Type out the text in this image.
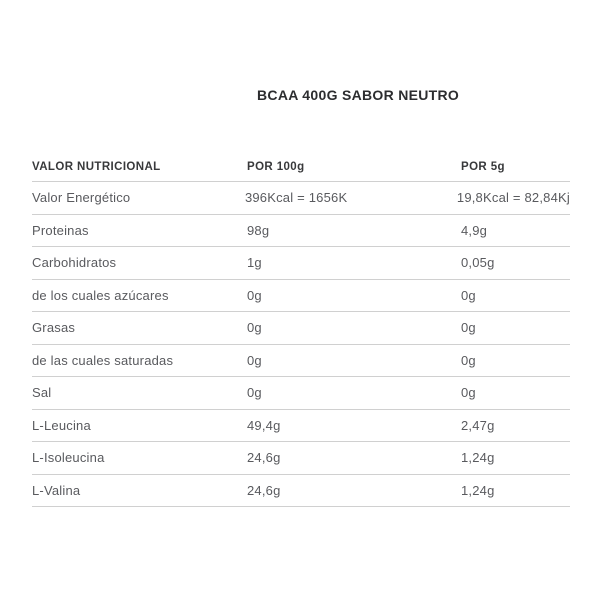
BCAA 400G SABOR NEUTRO
VALOR NUTRICIONAL	POR 100g	POR 5g
Valor Energético	396Kcal = 1656K	19,8Kcal = 82,84Kj
Proteinas	98g	4,9g
Carbohidratos	1g	0,05g
de los cuales azúcares	0g	0g
Grasas	0g	0g
de las cuales saturadas	0g	0g
Sal	0g	0g
L-Leucina	49,4g	2,47g
L-Isoleucina	24,6g	1,24g
L-Valina	24,6g	1,24g
